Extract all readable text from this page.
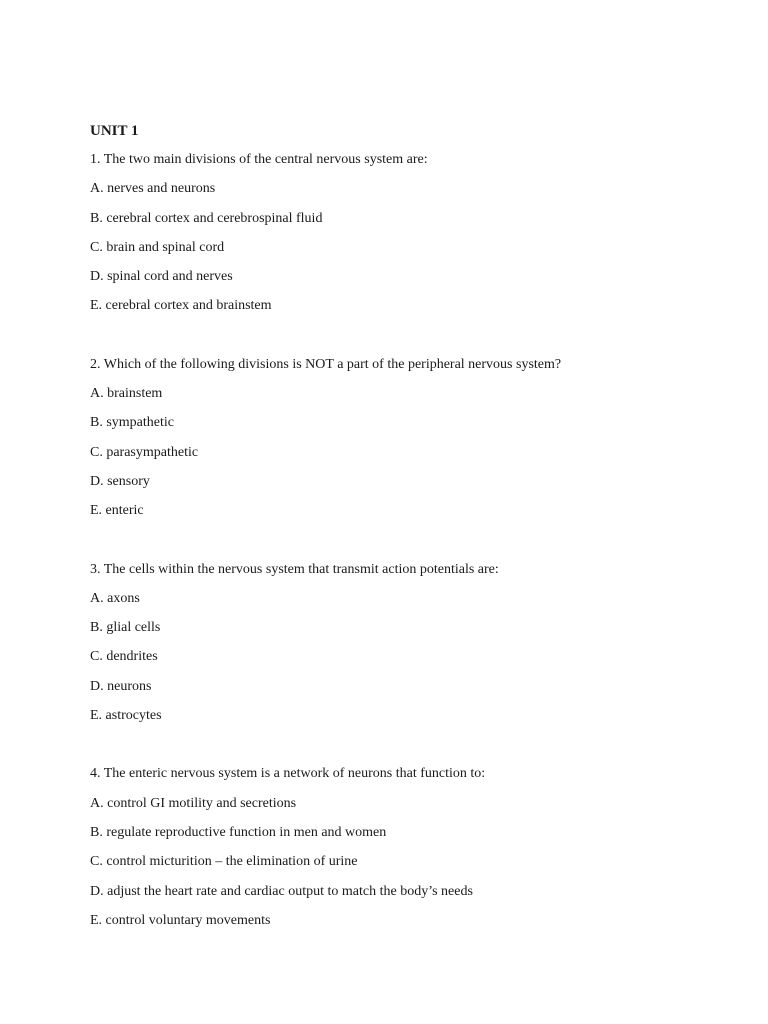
UNIT 1
1. The two main divisions of the central nervous system are:
A. nerves and neurons
B. cerebral cortex and cerebrospinal fluid
C. brain and spinal cord
D. spinal cord and nerves
E. cerebral cortex and brainstem
2. Which of the following divisions is NOT a part of the peripheral nervous system?
A. brainstem
B. sympathetic
C. parasympathetic
D. sensory
E. enteric
3. The cells within the nervous system that transmit action potentials are:
A. axons
B. glial cells
C. dendrites
D. neurons
E. astrocytes
4. The enteric nervous system is a network of neurons that function to:
A. control GI motility and secretions
B. regulate reproductive function in men and women
C. control micturition – the elimination of urine
D. adjust the heart rate and cardiac output to match the body’s needs
E. control voluntary movements
